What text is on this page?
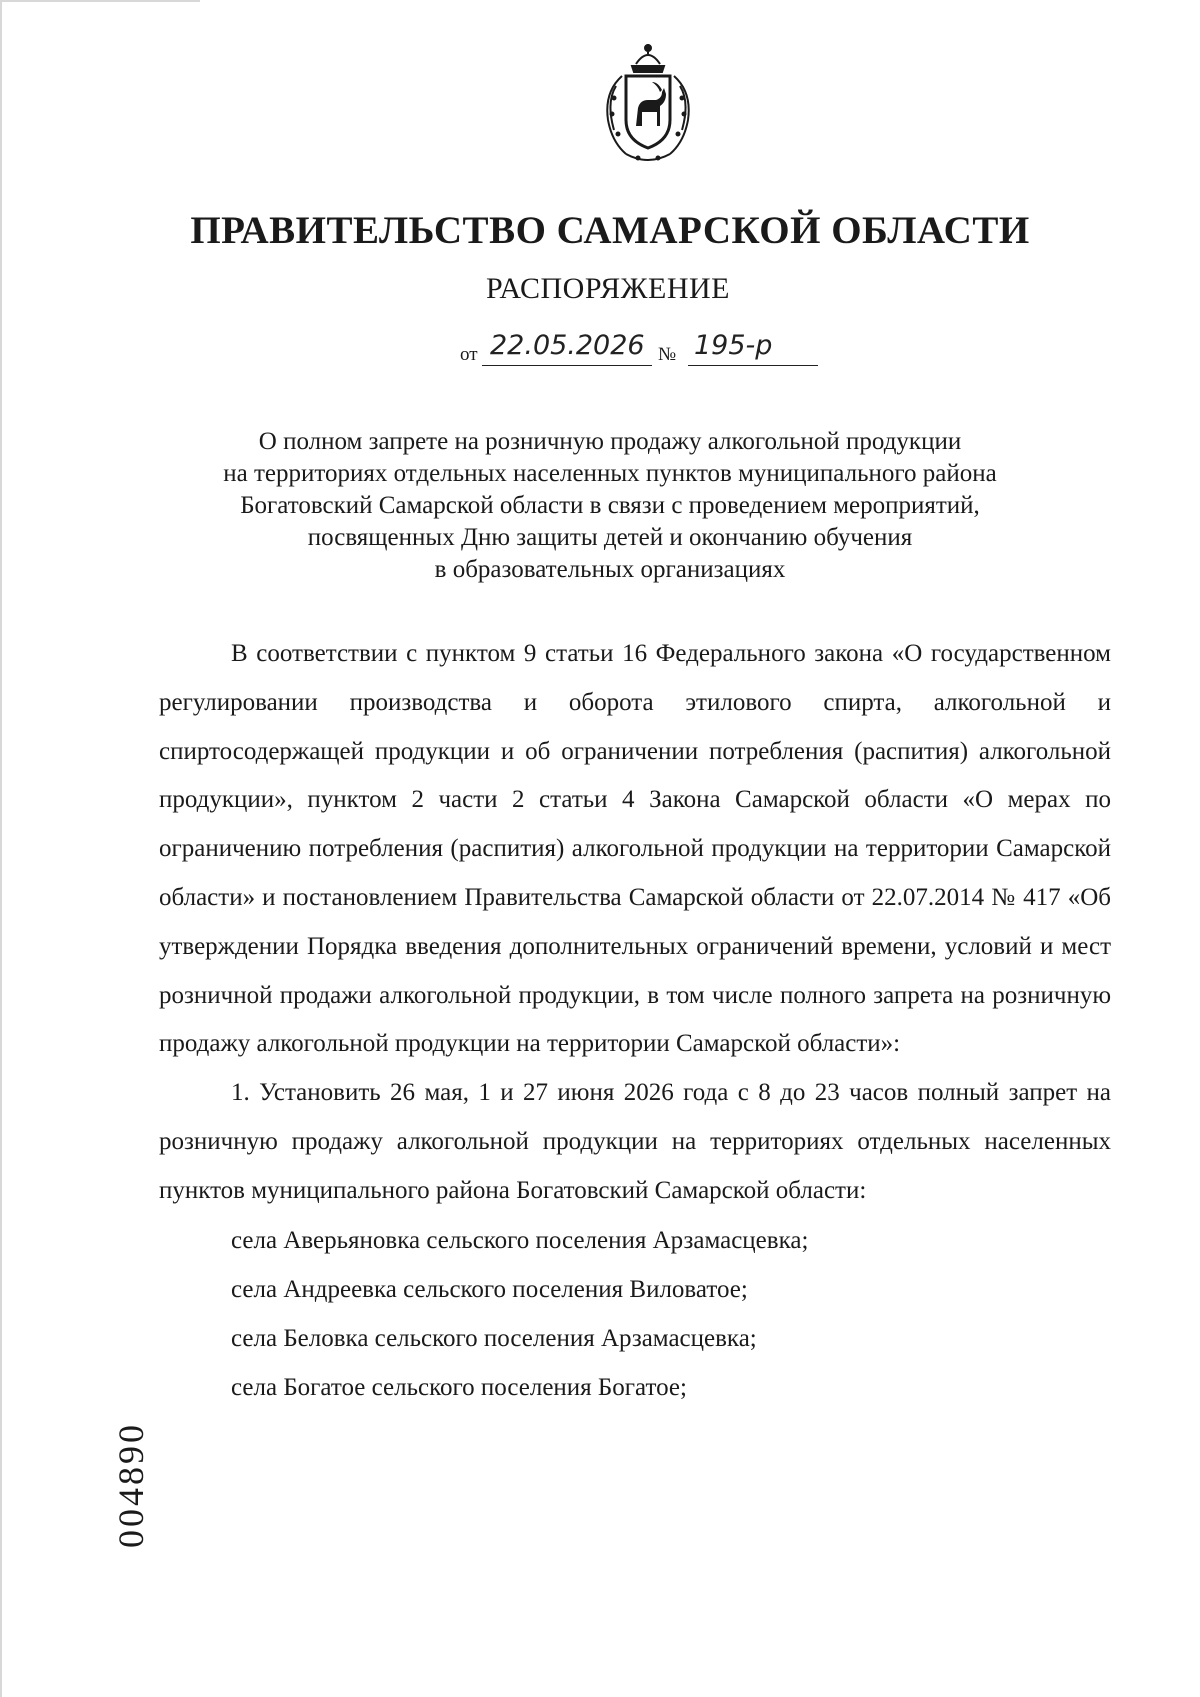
ПРАВИТЕЛЬСТВО САМАРСКОЙ ОБЛАСТИ
РАСПОРЯЖЕНИЕ
от 22.05.2026 № 195-р
О полном запрете на розничную продажу алкогольной продукции
на территориях отдельных населенных пунктов муниципального района
Богатовский Самарской области в связи с проведением мероприятий,
посвященных Дню защиты детей и окончанию обучения
в образовательных организациях

В соответствии с пунктом 9 статьи 16 Федерального закона «О государственном регулировании производства и оборота этилового спирта, алкогольной и спиртосодержащей продукции и об ограничении потребления (распития) алкогольной продукции», пунктом 2 части 2 статьи 4 Закона Самарской области «О мерах по ограничению потребления (распития) алкогольной продукции на территории Самарской области» и постановлением Правительства Самарской области от 22.07.2014 № 417 «Об утверждении Порядка введения дополнительных ограничений времени, условий и мест розничной продажи алкогольной продукции, в том числе полного запрета на розничную продажу алкогольной продукции на территории Самарской области»:

1. Установить 26 мая, 1 и 27 июня 2026 года с 8 до 23 часов полный запрет на розничную продажу алкогольной продукции на территориях отдельных населенных пунктов муниципального района Богатовский Самарской области:

села Аверьяновка сельского поселения Арзамасцевка;
села Андреевка сельского поселения Виловатое;
села Беловка сельского поселения Арзамасцевка;
села Богатое сельского поселения Богатое;
004890
